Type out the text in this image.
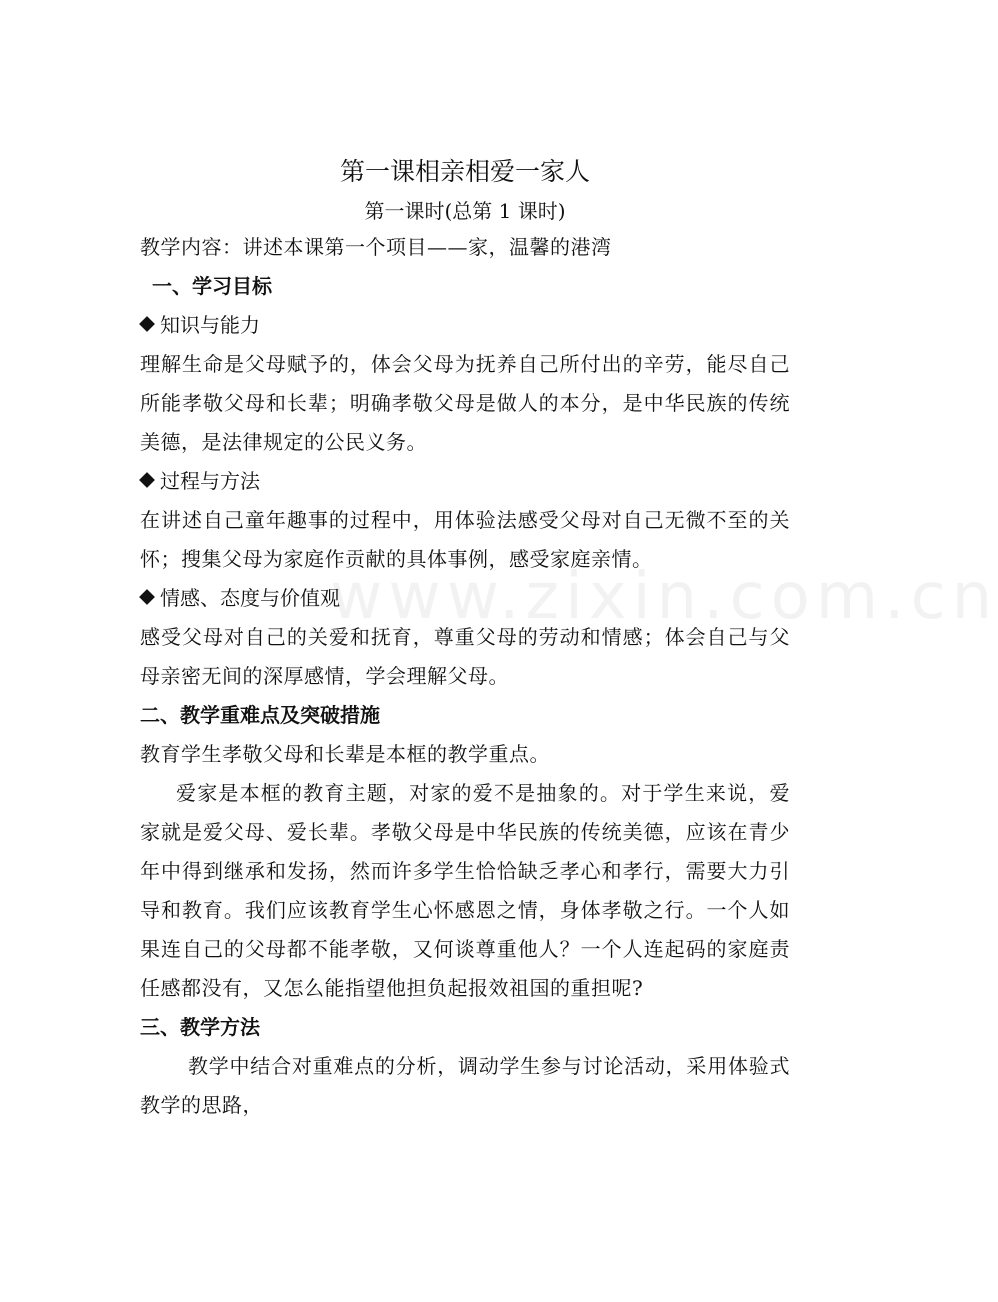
第一课相亲相爱一家人

第一课时(总第 1 课时)

教学内容：讲述本课第一个项目——家，温馨的港湾

一、学习目标

知识与能力

理解生命是父母赋予的，体会父母为抚养自己所付出的辛劳，能尽自己所能孝敬父母和长辈；明确孝敬父母是做人的本分，是中华民族的传统美德，是法律规定的公民义务。

过程与方法

在讲述自己童年趣事的过程中，用体验法感受父母对自己无微不至的关怀；搜集父母为家庭作贡献的具体事例，感受家庭亲情。

情感、态度与价值观

感受父母对自己的关爱和抚育，尊重父母的劳动和情感；体会自己与父母亲密无间的深厚感情，学会理解父母。

二、教学重难点及突破措施

教育学生孝敬父母和长辈是本框的教学重点。

爱家是本框的教育主题，对家的爱不是抽象的。对于学生来说，爱家就是爱父母、爱长辈。孝敬父母是中华民族的传统美德，应该在青少年中得到继承和发扬，然而许多学生恰恰缺乏孝心和孝行，需要大力引导和教育。我们应该教育学生心怀感恩之情，身体孝敬之行。一个人如果连自己的父母都不能孝敬，又何谈尊重他人？一个人连起码的家庭责任感都没有，又怎么能指望他担负起报效祖国的重担呢?

三、教学方法

教学中结合对重难点的分析，调动学生参与讨论活动，采用体验式教学的思路，

www.zixin.com.cn
